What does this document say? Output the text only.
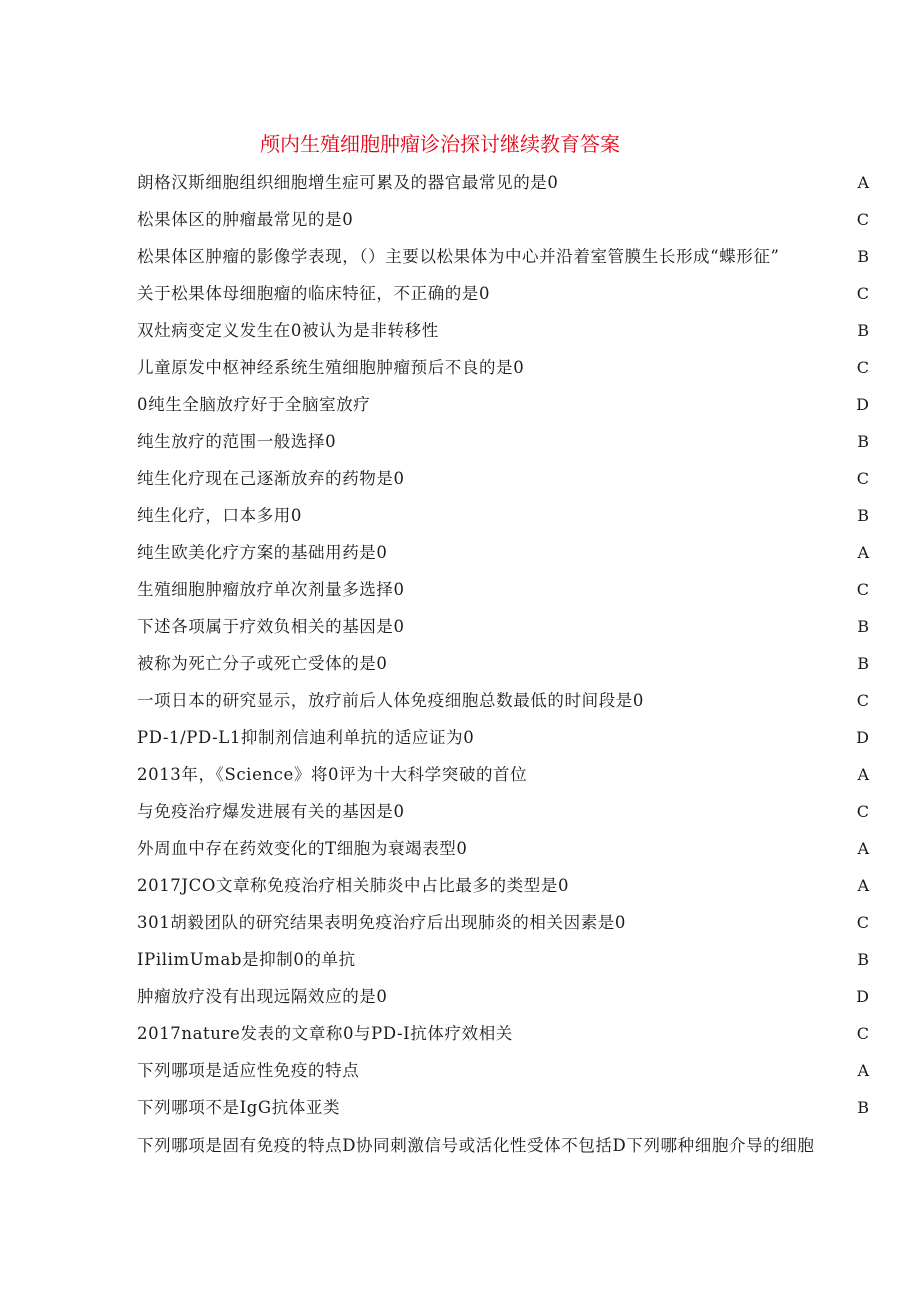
颅内生殖细胞肿瘤诊治探讨继续教育答案
朗格汉斯细胞组织细胞增生症可累及的器官最常见的是0	A
松果体区的肿瘤最常见的是0	C
松果体区肿瘤的影像学表现，（）主要以松果体为中心并沿着室管膜生长形成“蝶形征”	B
关于松果体母细胞瘤的临床特征，不正确的是0	C
双灶病变定义发生在0被认为是非转移性	B
儿童原发中枢神经系统生殖细胞肿瘤预后不良的是0	C
0纯生全脑放疗好于全脑室放疗	D
纯生放疗的范围一般选择0	B
纯生化疗现在己逐渐放弃的药物是0	C
纯生化疗，口本多用0	B
纯生欧美化疗方案的基础用药是0	A
生殖细胞肿瘤放疗单次剂量多选择0	C
下述各项属于疗效负相关的基因是0	B
被称为死亡分子或死亡受体的是0	B
一项日本的研究显示，放疗前后人体免疫细胞总数最低的时间段是0	C
PD-1/PD-L1抑制剂信迪利单抗的适应证为0	D
2013年，《Science》将0评为十大科学突破的首位	A
与免疫治疗爆发进展有关的基因是0	C
外周血中存在药效变化的T细胞为衰竭表型0	A
2017JCO文章称免疫治疗相关肺炎中占比最多的类型是0	A
301胡毅团队的研究结果表明免疫治疗后出现肺炎的相关因素是0	C
IPilimUmab是抑制0的单抗	B
肿瘤放疗没有出现远隔效应的是0	D
2017nature发表的文章称0与PD-I抗体疗效相关	C
下列哪项是适应性免疫的特点	A
下列哪项不是IgG抗体亚类	B
下列哪项是固有免疫的特点D协同刺激信号或活化性受体不包括D下列哪种细胞介导的细胞
